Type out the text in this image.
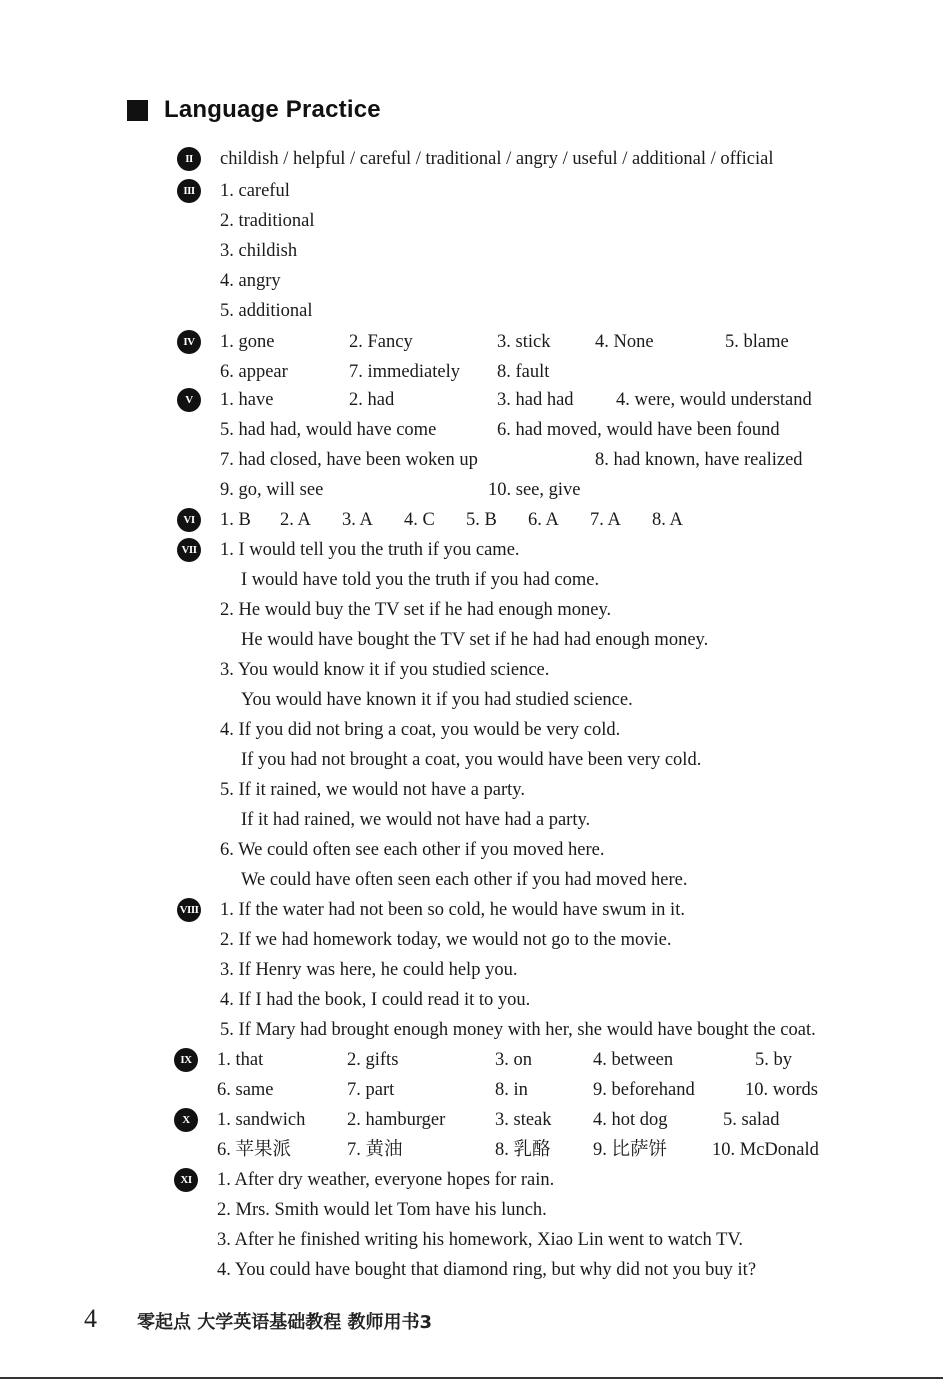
Language Practice
II	childish / helpful / careful / traditional / angry / useful / additional / official
III	1. careful
2. traditional
3. childish
4. angry
5. additional
IV	1. gone	2. Fancy	3. stick 4. None	5. blame
6. appear	7. immediately 8. fault
V	1. have	2. had	3. had had 4. were, would understand
5. had had, would have come	6. had moved, would have been found
7. had closed, have been woken up	8. had known, have realized
9. go, will see	10. see, give
VI	1. B 2. A 3. A 4. C 5. B 6. A 7. A 8. A
VII 1. I would tell you the truth if you came.
I would have told you the truth if you had come.
2. He would buy the TV set if he had enough money.
He would have bought the TV set if he had had enough money.
3. You would know it if you studied science.
You would have known it if you had studied science.
4. If you did not bring a coat, you would be very cold.
If you had not brought a coat, you would have been very cold.
5. If it rained, we would not have a party.
If it had rained, we would not have had a party.
6. We could often see each other if you moved here.
We could have often seen each other if you had moved here.
VIII 1. If the water had not been so cold, he would have swum in it.
2. If we had homework today, we would not go to the movie.
3. If Henry was here, he could help you.
4. If I had the book, I could read it to you.
5. If Mary had brought enough money with her, she would have bought the coat.
IX	1. that	2. gifts	3. on	4. between	5. by
6. same	7. part	8. in	9. beforehand	10. words
X	1. sandwich 2. hamburger	3. steak 4. hot dog	5. salad
6. 苹果派	7. 黄油	8. 乳酪 9. 比萨饼 10. McDonald
XI	1. After dry weather, everyone hopes for rain.
2. Mrs. Smith would let Tom have his lunch.
3. After he finished writing his homework, Xiao Lin went to watch TV.
4. You could have bought that diamond ring, but why did not you buy it?
4 零起点 大学英语基础教程 教师用书3
